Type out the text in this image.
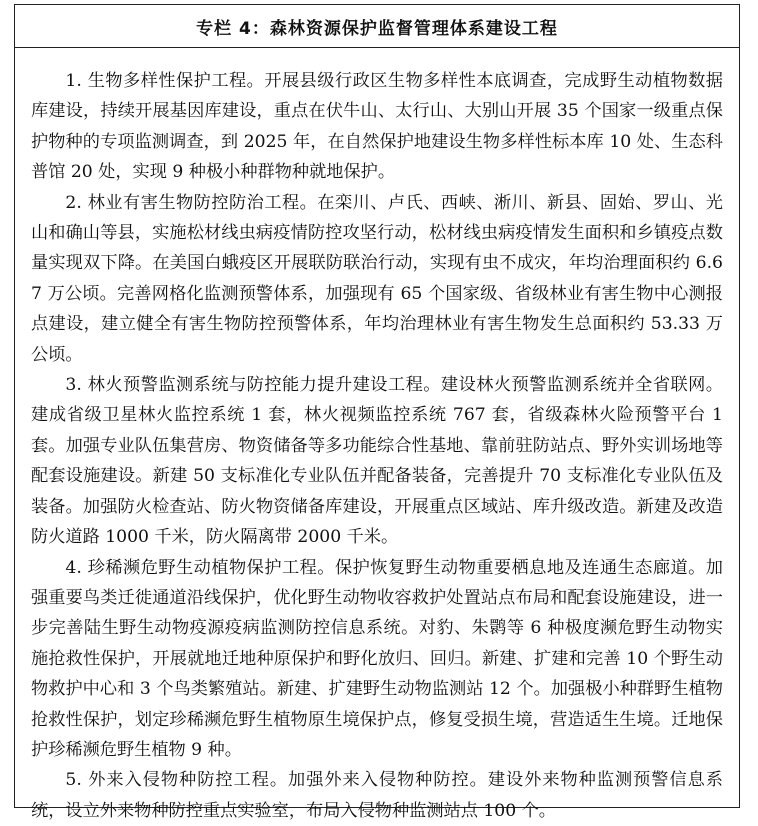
专栏 4：森林资源保护监督管理体系建设工程

1. 生物多样性保护工程。开展县级行政区生物多样性本底调查，完成野生动植物数据库建设，持续开展基因库建设，重点在伏牛山、太行山、大别山开展 35 个国家一级重点保护物种的专项监测调查，到 2025 年，在自然保护地建设生物多样性标本库 10 处、生态科普馆 20 处，实现 9 种极小种群物种就地保护。

2. 林业有害生物防控防治工程。在栾川、卢氏、西峡、淅川、新县、固始、罗山、光山和确山等县，实施松材线虫病疫情防控攻坚行动，松材线虫病疫情发生面积和乡镇疫点数量实现双下降。在美国白蛾疫区开展联防联治行动，实现有虫不成灾，年均治理面积约 6.67 万公顷。完善网格化监测预警体系，加强现有 65 个国家级、省级林业有害生物中心测报点建设，建立健全有害生物防控预警体系，年均治理林业有害生物发生总面积约 53.33 万公顷。

3. 林火预警监测系统与防控能力提升建设工程。建设林火预警监测系统并全省联网。建成省级卫星林火监控系统 1 套，林火视频监控系统 767 套，省级森林火险预警平台 1 套。加强专业队伍集营房、物资储备等多功能综合性基地、靠前驻防站点、野外实训场地等配套设施建设。新建 50 支标准化专业队伍并配备装备，完善提升 70 支标准化专业队伍及装备。加强防火检查站、防火物资储备库建设，开展重点区域站、库升级改造。新建及改造防火道路 1000 千米，防火隔离带 2000 千米。

4. 珍稀濒危野生动植物保护工程。保护恢复野生动物重要栖息地及连通生态廊道。加强重要鸟类迁徙通道沿线保护，优化野生动物收容救护处置站点布局和配套设施建设，进一步完善陆生野生动物疫源疫病监测防控信息系统。对豹、朱鹮等 6 种极度濒危野生动物实施抢救性保护，开展就地迁地种原保护和野化放归、回归。新建、扩建和完善 10 个野生动物救护中心和 3 个鸟类繁殖站。新建、扩建野生动物监测站 12 个。加强极小种群野生植物抢救性保护，划定珍稀濒危野生植物原生境保护点，修复受损生境，营造适生生境。迁地保护珍稀濒危野生植物 9 种。

5. 外来入侵物种防控工程。加强外来入侵物种防控。建设外来物种监测预警信息系统，设立外来物种防控重点实验室，布局入侵物种监测站点 100 个。
